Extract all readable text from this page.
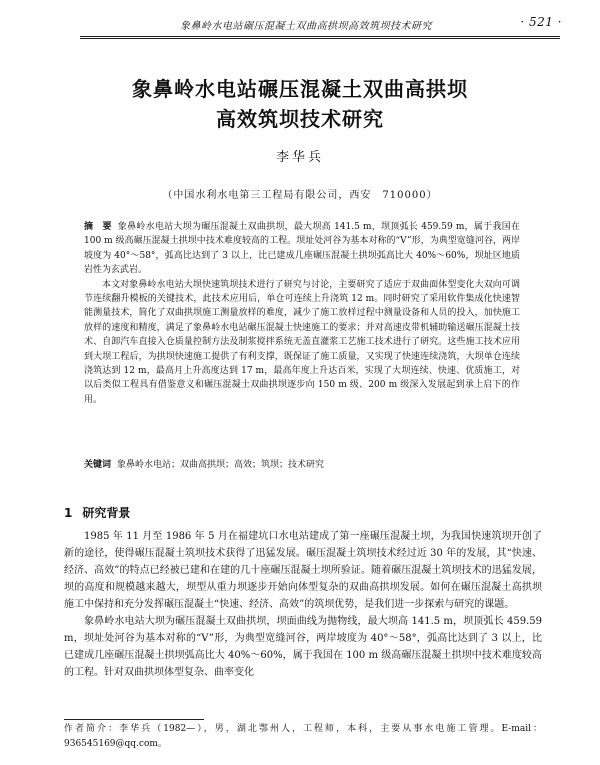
象鼻岭水电站碾压混凝土双曲高拱坝高效筑坝技术研究	· 521 ·
象鼻岭水电站碾压混凝土双曲高拱坝
高效筑坝技术研究
李华兵
（中国水利水电第三工程局有限公司，西安　710000）

摘　要 象鼻岭水电站大坝为碾压混凝土双曲拱坝，最大坝高 141.5 m，坝顶弧长 459.59 m，属于我国在 100 m 级高碾压混凝土拱坝中技术难度较高的工程。坝址处河谷为基本对称的“V”形，为典型宽缝河谷，两岸坡度为 40°～58°，弧高比达到了 3 以上，比已建成几座碾压混凝土拱坝弧高比大 40%～60%，坝址区地质岩性为玄武岩。

本文对象鼻岭水电站大坝快速筑坝技术进行了研究与讨论，主要研究了适应于双曲面体型变化大双向可调节连续翻升模板的关键技术，此技术应用后，单仓可连续上升浇筑 12 m。同时研究了采用软件集成化快速智能测量技术，简化了双曲拱坝施工测量放样的难度，减少了施工放样过程中测量设备和人员的投入，加快施工放样的速度和精度，满足了象鼻岭水电站碾压混凝土快速施工的要求；并对高速皮带机辅助输送碾压混凝土技术、自卸汽车直接入仓质量控制方法及制浆搅拌系统无盖直灌浆工艺施工技术进行了研究。这些施工技术应用到大坝工程后，为拱坝快速施工提供了有利支撑，既保证了施工质量，又实现了快速连续浇筑，大坝单仓连续浇筑达到 12 m，最高月上升高度达到 17 m，最高年度上升达百米，实现了大坝连续、快速、优质施工，对以后类似工程具有借鉴意义和碾压混凝土双曲拱坝逐步向 150 m 级、200 m 级深入发展起到承上启下的作用。

关键词 象鼻岭水电站；双曲高拱坝；高效；筑坝；技术研究
1 研究背景

1985 年 11 月至 1986 年 5 月在福建坑口水电站建成了第一座碾压混凝土坝，为我国快速筑坝开创了新的途径，使得碾压混凝土筑坝技术获得了迅猛发展。碾压混凝土筑坝技术经过近 30 年的发展，其“快速、经济、高效”的特点已经被已建和在建的几十座碾压混凝土坝所验证。随着碾压混凝土筑坝技术的迅猛发展，坝的高度和规模越来越大，坝型从重力坝逐步开始向体型复杂的双曲高拱坝发展。如何在碾压混凝土高拱坝施工中保持和充分发挥碾压混凝土“快速、经济、高效”的筑坝优势，是我们进一步探索与研究的课题。

象鼻岭水电站大坝为碾压混凝土双曲拱坝，坝面曲线为抛物线，最大坝高 141.5 m，坝顶弧长 459.59 m，坝址处河谷为基本对称的“V”形，为典型宽缝河谷，两岸坡度为 40°～58°，弧高比达到了 3 以上，比已建成几座碾压混凝土拱坝弧高比大 40%～60%，属于我国在 100 m 级高碾压混凝土拱坝中技术难度较高的工程。针对双曲拱坝体型复杂、曲率变化

作者简介：李华兵（1982—），男，湖北鄂州人，工程师，本科，主要从事水电施工管理。E-mail：936545169@qq.com。
